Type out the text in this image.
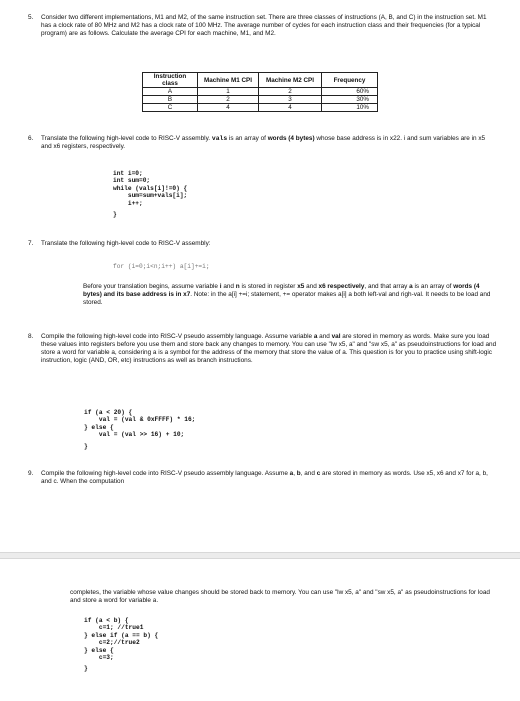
5.	Consider two different implementations, M1 and M2, of the same instruction set. There are three classes of instructions (A, B, and C) in the instruction set. M1 has a clock rate of 80 MHz and M2 has a clock rate of 100 MHz. The average number of cycles for each instruction class and their frequencies (for a typical program) are as follows. Calculate the average CPI for each machine, M1, and M2.

Instruction class	Machine M1 CPI	Machine M2 CPI	Frequency
A	1	2	60%
B	2	3	30%
C	4	4	10%
6.	Translate the following high-level code to RISC-V assembly. vals is an array of words (4 bytes) whose base address is in x22. i and sum variables are in x5 and x6 registers, respectively.

int i=0;
int sum=0;
while (vals[i]!=0) {
sum=sum+vals[i];
i++;
}
7.	Translate the following high-level code to RISC-V assembly:

for (i=0;i<n;i++) a[i]+=i;

Before your translation begins, assume variable i and n is stored in register x5 and x6 respectively, and that array a is an array of words (4 bytes) and its base address is in x7. Note: in the a[i] +=i; statement, += operator makes a[i] a both left-val and righ-val. It needs to be load and stored.

8.	Compile the following high-level code into RISC-V pseudo assembly language. Assume variable a and val are stored in memory as words. Make sure you load these values into registers before you use them and store back any changes to memory. You can use "lw x5, a" and "sw x5, a" as pseudoinstructions for load and store a word for variable a, considering a is a symbol for the address of the memory that store the value of a. This question is for you to practice using shift-logic instruction, logic (AND, OR, etc) instructions as well as branch instructions.

if (a < 20) {
val = (val & 0xFFFF) * 16;
} else {
val = (val >> 16) + 10;
}
9.	Compile the following high-level code into RISC-V pseudo assembly language. Assume a, b, and c are stored in memory as words. Use x5, x6 and x7 for a, b, and c. When the computation

completes, the variable whose value changes should be stored back to memory. You can use "lw x5, a" and "sw x5, a" as pseudoinstructions for load and store a word for variable a.

if (a < b) {
c=1; //true1
} else if (a == b) {
c=2;//true2
} else {
c=3;
}
